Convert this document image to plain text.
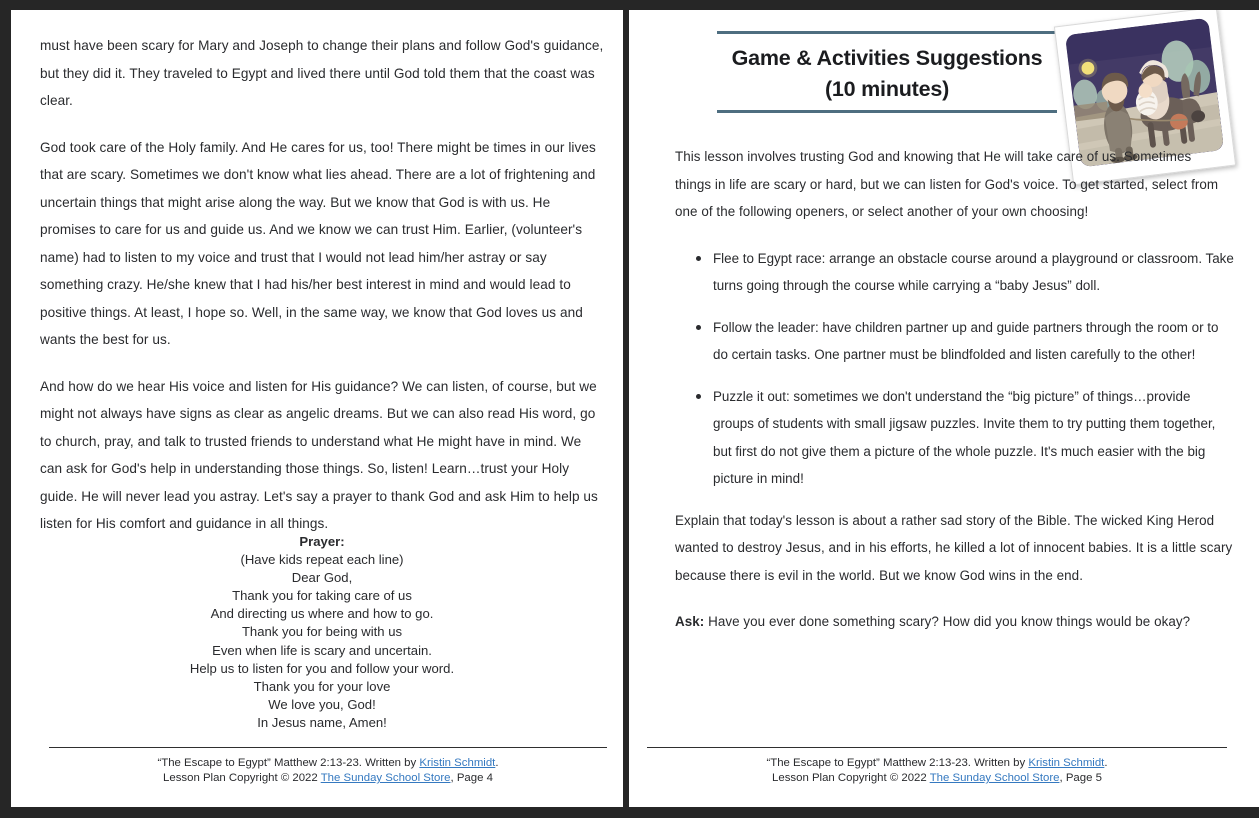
must have been scary for Mary and Joseph to change their plans and follow God's guidance, but they did it. They traveled to Egypt and lived there until God told them that the coast was clear.

God took care of the Holy family. And He cares for us, too! There might be times in our lives that are scary. Sometimes we don't know what lies ahead. There are a lot of frightening and uncertain things that might arise along the way. But we know that God is with us. He promises to care for us and guide us. And we know we can trust Him. Earlier, (volunteer's name) had to listen to my voice and trust that I would not lead him/her astray or say something crazy. He/she knew that I had his/her best interest in mind and would lead to positive things. At least, I hope so. Well, in the same way, we know that God loves us and wants the best for us.

And how do we hear His voice and listen for His guidance? We can listen, of course, but we might not always have signs as clear as angelic dreams. But we can also read His word, go to church, pray, and talk to trusted friends to understand what He might have in mind. We can ask for God's help in understanding those things. So, listen! Learn…trust your Holy guide. He will never lead you astray. Let's say a prayer to thank God and ask Him to help us listen for His comfort and guidance in all things.

Prayer:
(Have kids repeat each line)
Dear God,
Thank you for taking care of us
And directing us where and how to go.
Thank you for being with us
Even when life is scary and uncertain.
Help us to listen for you and follow your word.
Thank you for your love
We love you, God!
In Jesus name, Amen!
“The Escape to Egypt” Matthew 2:13-23. Written by Kristin Schmidt.
Lesson Plan Copyright © 2022 The Sunday School Store, Page 4
Game & Activities Suggestions
(10 minutes)

This lesson involves trusting God and knowing that He will take care of us. Sometimes things in life are scary or hard, but we can listen for God's voice. To get started, select from one of the following openers, or select another of your own choosing!

Flee to Egypt race: arrange an obstacle course around a playground or classroom. Take turns going through the course while carrying a “baby Jesus” doll.
Follow the leader: have children partner up and guide partners through the room or to do certain tasks. One partner must be blindfolded and listen carefully to the other!
Puzzle it out: sometimes we don't understand the “big picture” of things…provide groups of students with small jigsaw puzzles. Invite them to try putting them together, but first do not give them a picture of the whole puzzle. It's much easier with the big picture in mind!

Explain that today's lesson is about a rather sad story of the Bible. The wicked King Herod wanted to destroy Jesus, and in his efforts, he killed a lot of innocent babies. It is a little scary because there is evil in the world. But we know God wins in the end.

Ask: Have you ever done something scary? How did you know things would be okay?

“The Escape to Egypt” Matthew 2:13-23. Written by Kristin Schmidt.
Lesson Plan Copyright © 2022 The Sunday School Store, Page 5
